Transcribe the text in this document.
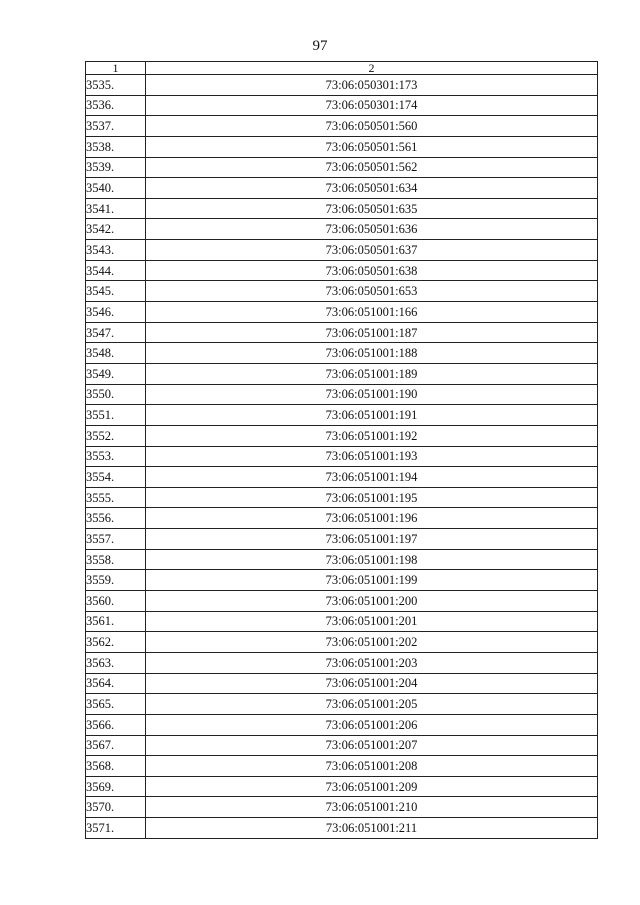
97
1	2
3535.	73:06:050301:173
3536.	73:06:050301:174
3537.	73:06:050501:560
3538.	73:06:050501:561
3539.	73:06:050501:562
3540.	73:06:050501:634
3541.	73:06:050501:635
3542.	73:06:050501:636
3543.	73:06:050501:637
3544.	73:06:050501:638
3545.	73:06:050501:653
3546.	73:06:051001:166
3547.	73:06:051001:187
3548.	73:06:051001:188
3549.	73:06:051001:189
3550.	73:06:051001:190
3551.	73:06:051001:191
3552.	73:06:051001:192
3553.	73:06:051001:193
3554.	73:06:051001:194
3555.	73:06:051001:195
3556.	73:06:051001:196
3557.	73:06:051001:197
3558.	73:06:051001:198
3559.	73:06:051001:199
3560.	73:06:051001:200
3561.	73:06:051001:201
3562.	73:06:051001:202
3563.	73:06:051001:203
3564.	73:06:051001:204
3565.	73:06:051001:205
3566.	73:06:051001:206
3567.	73:06:051001:207
3568.	73:06:051001:208
3569.	73:06:051001:209
3570.	73:06:051001:210
3571.	73:06:051001:211
